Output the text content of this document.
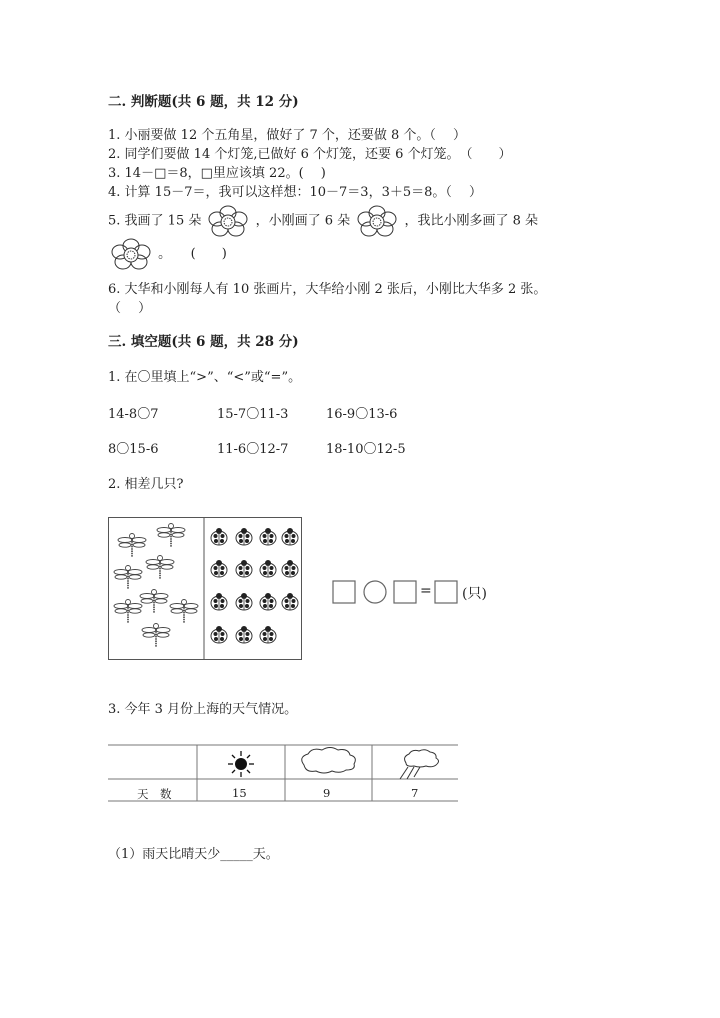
二. 判断题(共 6 题，共 12 分)
1. 小丽要做 12 个五角星，做好了 7 个，还要做 8 个。（　 ）
2. 同学们要做 14 个灯笼,已做好 6 个灯笼，还要 6 个灯笼。　（　　）
3. 14－□＝8，□里应该填 22。(　 )
4. 计算 15－7＝，我可以这样想：10－7＝3，3＋5＝8。（　 ）
5. 我画了 15 朵	，小刚画了 6 朵	，我比小刚多画了 8 朵
。　　(　　)
6. 大华和小刚每人有 10 张画片，大华给小刚 2 张后，小刚比大华多 2 张。
（　 ）
三. 填空题(共 6 题，共 28 分)
1. 在〇里填上“>”、“<”或“=”。
14-8〇7	15-7〇11-3	16-9〇13-6
8〇15-6	11-6〇12-7	18-10〇12-5
2. 相差几只?
= (只)
3. 今年 3 月份上海的天气情况。
天　数	15	9	7
（1）雨天比晴天少_____天。
